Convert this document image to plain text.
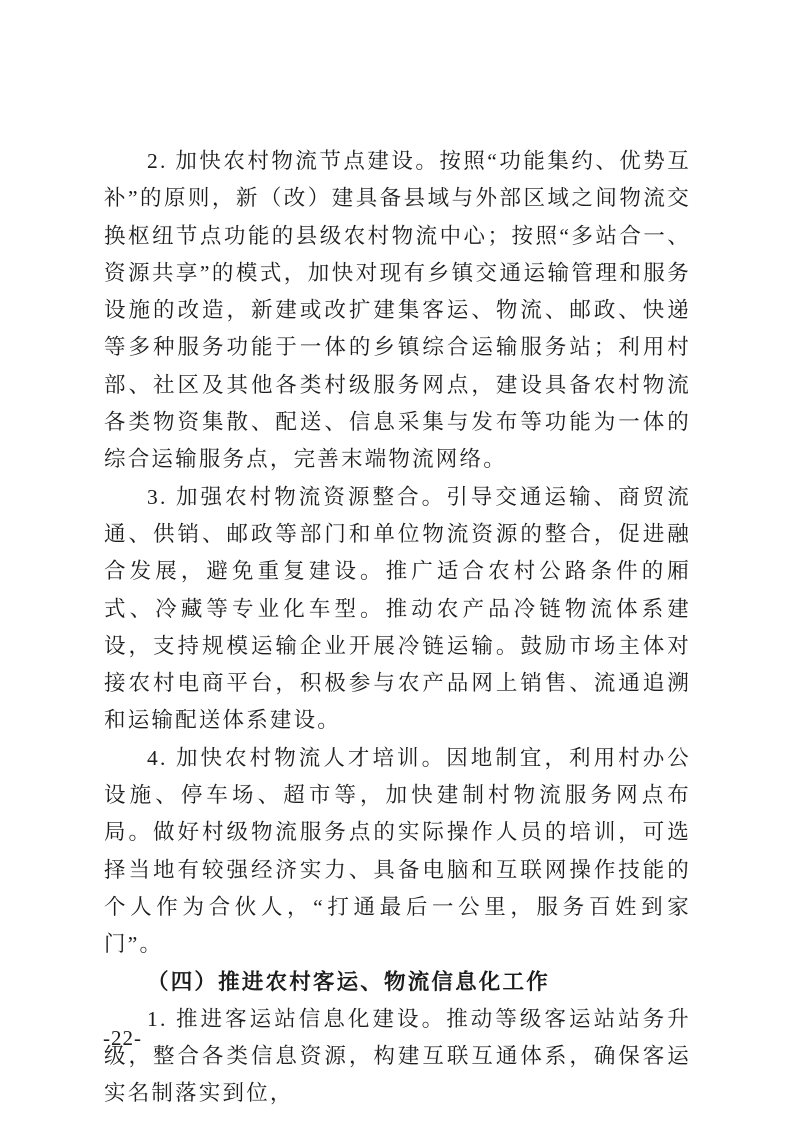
2. 加快农村物流节点建设。按照“功能集约、优势互补”的原则，新（改）建具备县域与外部区域之间物流交换枢纽节点功能的县级农村物流中心；按照“多站合一、资源共享”的模式，加快对现有乡镇交通运输管理和服务设施的改造，新建或改扩建集客运、物流、邮政、快递等多种服务功能于一体的乡镇综合运输服务站；利用村部、社区及其他各类村级服务网点，建设具备农村物流各类物资集散、配送、信息采集与发布等功能为一体的综合运输服务点，完善末端物流网络。

3. 加强农村物流资源整合。引导交通运输、商贸流通、供销、邮政等部门和单位物流资源的整合，促进融合发展，避免重复建设。推广适合农村公路条件的厢式、冷藏等专业化车型。推动农产品冷链物流体系建设，支持规模运输企业开展冷链运输。鼓励市场主体对接农村电商平台，积极参与农产品网上销售、流通追溯和运输配送体系建设。

4. 加快农村物流人才培训。因地制宜，利用村办公设施、停车场、超市等，加快建制村物流服务网点布局。做好村级物流服务点的实际操作人员的培训，可选择当地有较强经济实力、具备电脑和互联网操作技能的个人作为合伙人，“打通最后一公里，服务百姓到家门”。

（四）推进农村客运、物流信息化工作

1. 推进客运站信息化建设。推动等级客运站站务升级，整合各类信息资源，构建互联互通体系，确保客运实名制落实到位，

-22-
